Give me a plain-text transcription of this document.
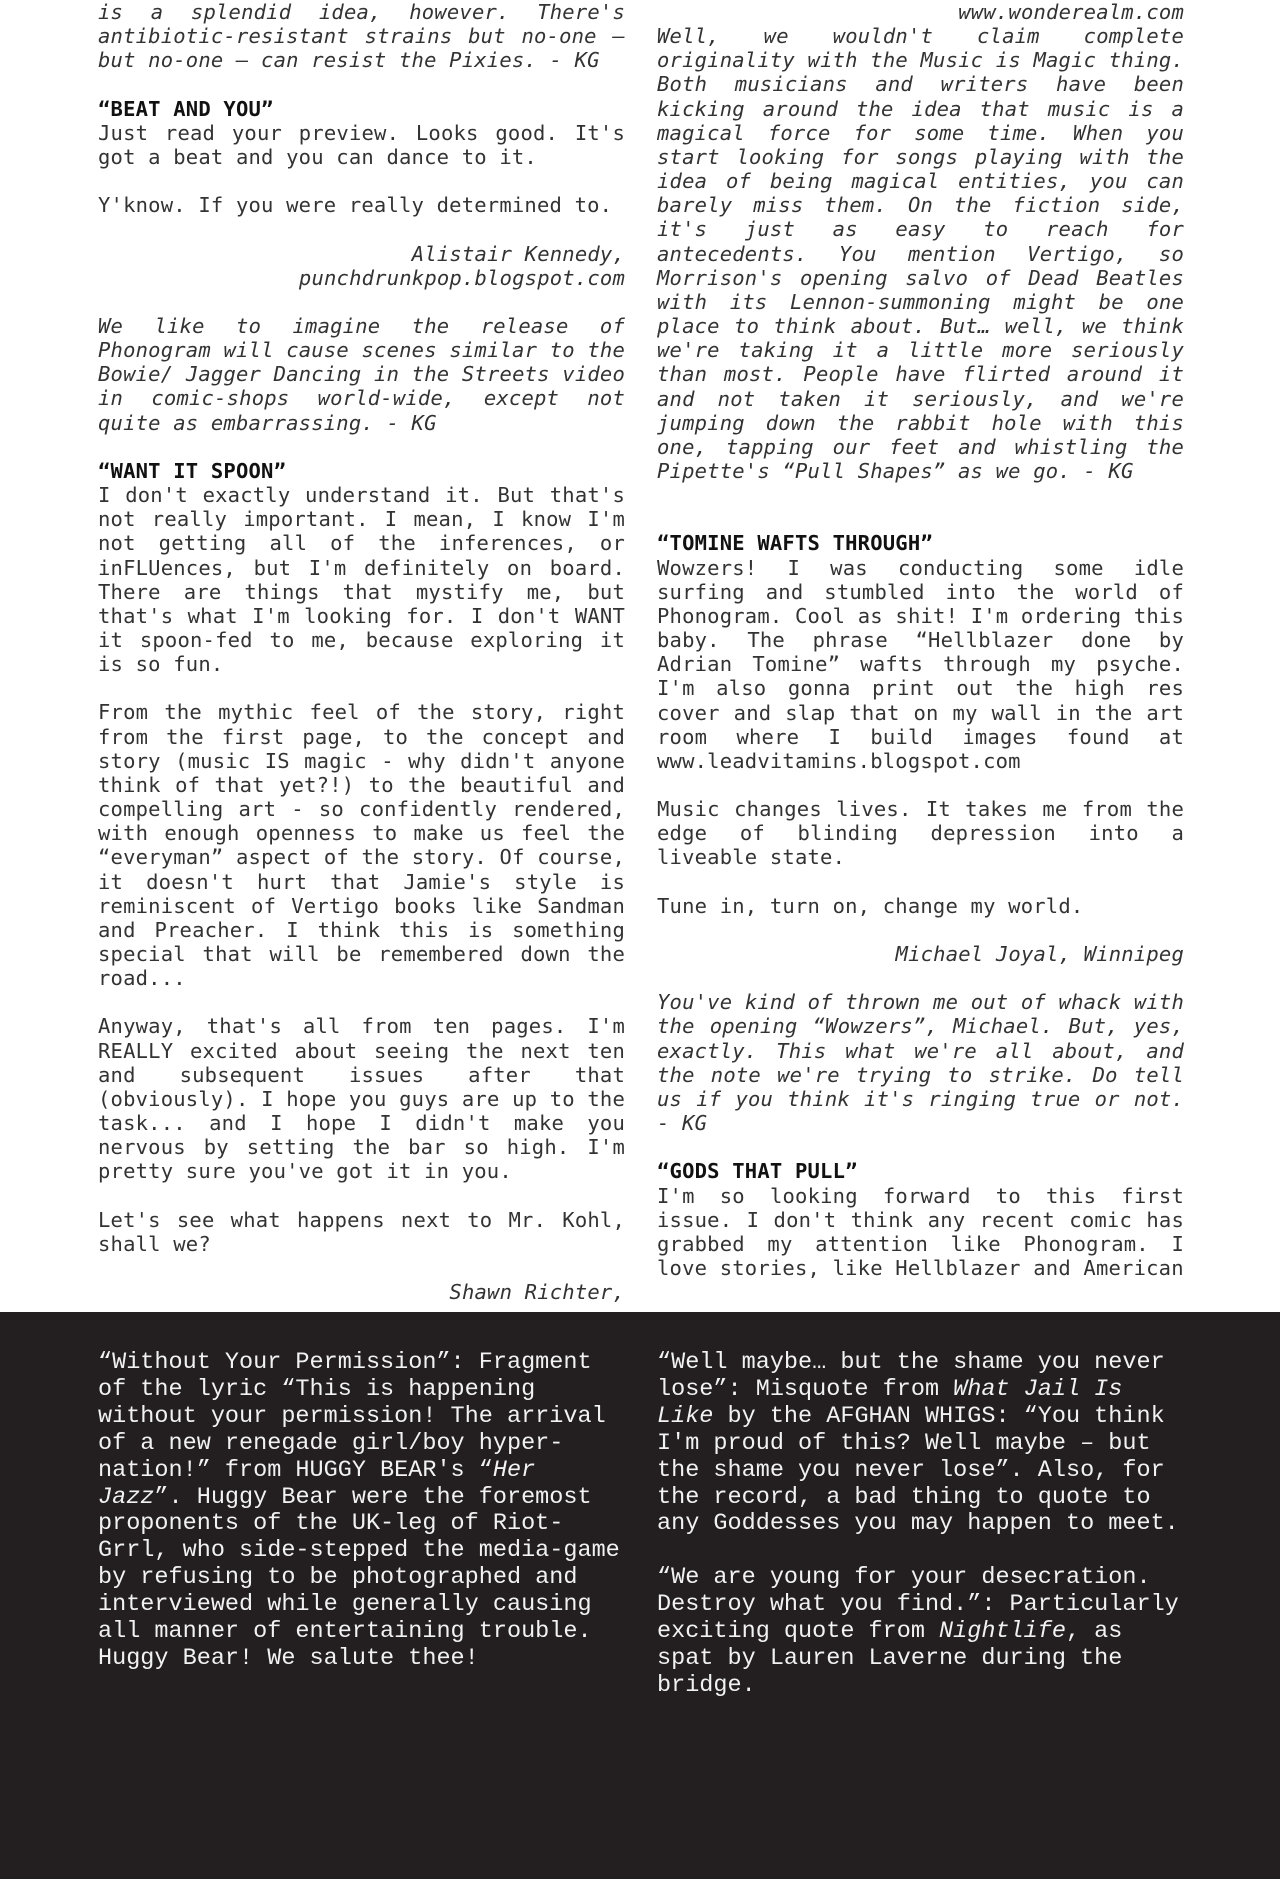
is a splendid idea, however. There's antibiotic-resistant strains but no-one – but no-one – can resist the Pixies. - KG

“BEAT AND YOU”

Just read your preview. Looks good. It's got a beat and you can dance to it.

Y'know. If you were really determined to.

Alistair Kennedy,

punchdrunkpop.blogspot.com

We like to imagine the release of Phonogram will cause scenes similar to the Bowie/ Jagger Dancing in the Streets video in comic-shops world-wide, except not quite as embarrassing. - KG

“WANT IT SPOON”

I don't exactly understand it. But that's not really important. I mean, I know I'm not getting all of the inferences, or inFLUences, but I'm definitely on board. There are things that mystify me, but that's what I'm looking for. I don't WANT it spoon-fed to me, because exploring it is so fun.

From the mythic feel of the story, right from the first page, to the concept and story (music IS magic - why didn't anyone think of that yet?!) to the beautiful and compelling art - so confidently rendered, with enough openness to make us feel the “everyman” aspect of the story. Of course, it doesn't hurt that Jamie's style is reminiscent of Vertigo books like Sandman and Preacher. I think this is something special that will be remembered down the road...

Anyway, that's all from ten pages. I'm REALLY excited about seeing the next ten and subsequent issues after that (obviously). I hope you guys are up to the task... and I hope I didn't make you nervous by setting the bar so high. I'm pretty sure you've got it in you.

Let's see what happens next to Mr. Kohl, shall we?

Shawn Richter,

www.wonderealm.com

Well, we wouldn't claim complete originality with the Music is Magic thing. Both musicians and writers have been kicking around the idea that music is a magical force for some time. When you start looking for songs playing with the idea of being magical entities, you can barely miss them. On the fiction side, it's just as easy to reach for antecedents. You mention Vertigo, so Morrison's opening salvo of Dead Beatles with its Lennon-summoning might be one place to think about. But… well, we think we're taking it a little more seriously than most. People have flirted around it and not taken it seriously, and we're jumping down the rabbit hole with this one, tapping our feet and whistling the Pipette's “Pull Shapes” as we go. - KG

“TOMINE WAFTS THROUGH”

Wowzers! I was conducting some idle surfing and stumbled into the world of Phonogram. Cool as shit! I'm ordering this baby. The phrase “Hellblazer done by Adrian Tomine” wafts through my psyche. I'm also gonna print out the high res cover and slap that on my wall in the art room where I build images found at www.leadvitamins.blogspot.com

Music changes lives. It takes me from the edge of blinding depression into a liveable state.

Tune in, turn on, change my world.

Michael Joyal, Winnipeg

You've kind of thrown me out of whack with the opening “Wowzers”, Michael. But, yes, exactly. This what we're all about, and the note we're trying to strike. Do tell us if you think it's ringing true or not. - KG

“GODS THAT PULL”

I'm so looking forward to this first issue. I don't think any recent comic has grabbed my attention like Phonogram. I love stories, like Hellblazer and American

“Without Your Permission”: Fragment of the lyric “This is happening without your permission! The arrival of a new renegade girl/boy hyper-nation!” from HUGGY BEAR's “Her Jazz”. Huggy Bear were the foremost proponents of the UK-leg of Riot-Grrl, who side-stepped the media-game by refusing to be photographed and interviewed while generally causing all manner of entertaining trouble. Huggy Bear! We salute thee!

“Well maybe… but the shame you never lose”: Misquote from What Jail Is Like by the AFGHAN WHIGS: “You think I'm proud of this? Well maybe – but the shame you never lose”. Also, for the record, a bad thing to quote to any Goddesses you may happen to meet.

“We are young for your desecration. Destroy what you find.”: Particularly exciting quote from Nightlife, as spat by Lauren Laverne during the bridge.
